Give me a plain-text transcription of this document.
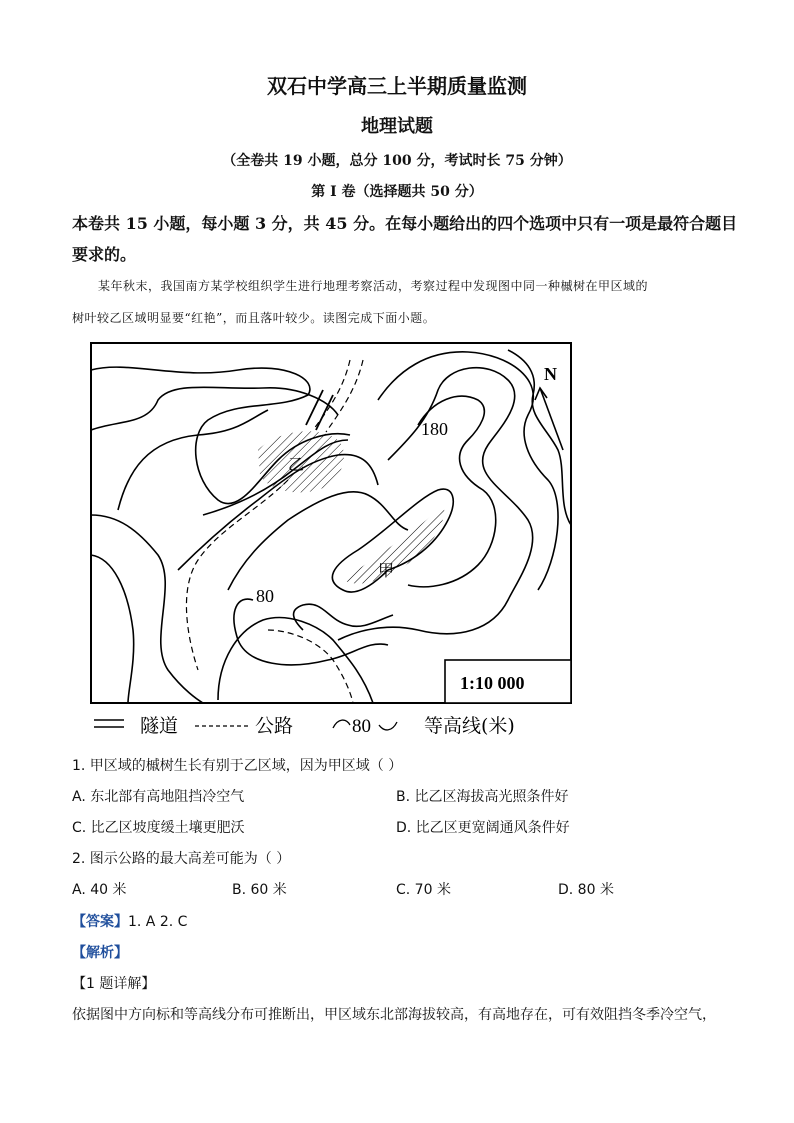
双石中学高三上半期质量监测
地理试题
（全卷共 19 小题，总分 100 分，考试时长 75 分钟）
第 I 卷（选择题共 50 分）
本卷共 15 小题，每小题 3 分，共 45 分。在每小题给出的四个选项中只有一项是最符合题目
要求的。
某年秋末，我国南方某学校组织学生进行地理考察活动，考察过程中发现图中同一种槭树在甲区域的
树叶较乙区域明显要“红艳”，而且落叶较少。读图完成下面小题。
N
180
80
乙
甲
1:10 000
隧道	公路	80	等高线(米)
1. 甲区域的槭树生长有别于乙区域，因为甲区域（ ）
A. 东北部有高地阻挡冷空气	B. 比乙区海拔高光照条件好
C. 比乙区坡度缓土壤更肥沃	D. 比乙区更宽阔通风条件好
2. 图示公路的最大高差可能为（ ）
A. 40 米	B. 60 米	C. 70 米	D. 80 米
【答案】1. A 2. C
【解析】
【1 题详解】
依据图中方向标和等高线分布可推断出，甲区域东北部海拔较高，有高地存在，可有效阻挡冬季冷空气，
